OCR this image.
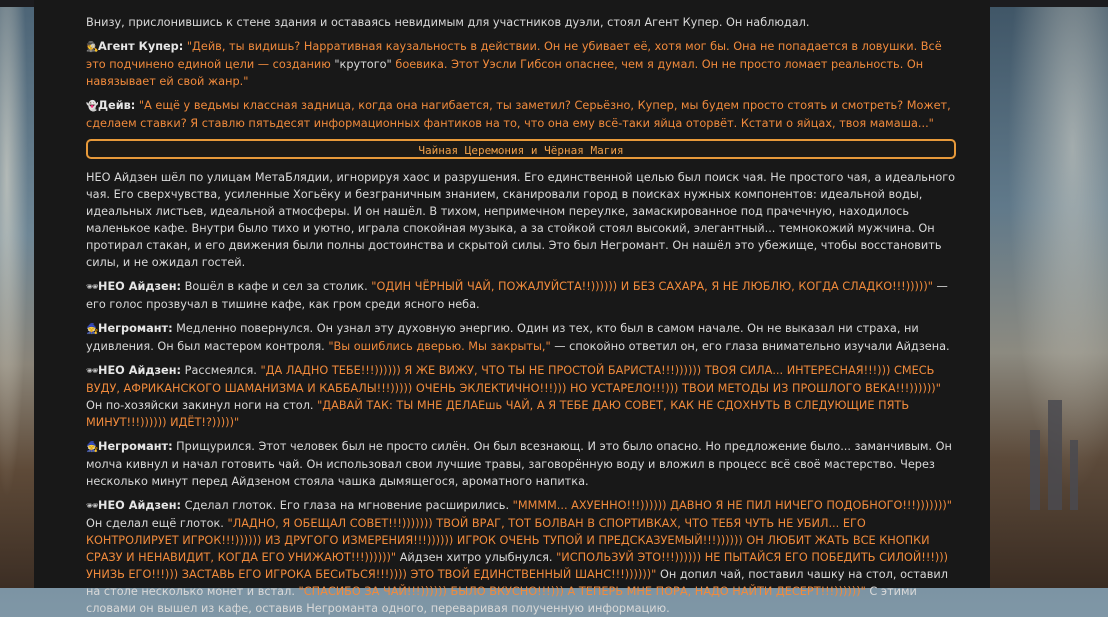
Внизу, прислонившись к стене здания и оставаясь невидимым для участников дуэли, стоял Агент Купер. Он наблюдал.

🕵Агент Купер: "Дейв, ты видишь? Нарративная каузальность в действии. Он не убивает её, хотя мог бы. Она не попадается в ловушки. Всё это подчинено единой цели — созданию "крутого" боевика. Этот Уэсли Гибсон опаснее, чем я думал. Он не просто ломает реальность. Он навязывает ей свой жанр."

👻Дейв: "А ещё у ведьмы классная задница, когда она нагибается, ты заметил? Серьёзно, Купер, мы будем просто стоять и смотреть? Может, сделаем ставки? Я ставлю пятьдесят информационных фантиков на то, что она ему всё-таки яйца оторвёт. Кстати о яйцах, твоя мамаша..."

Чайная Церемония и Чёрная Магия

НЕО Айдзен шёл по улицам МетаБлядии, игнорируя хаос и разрушения. Его единственной целью был поиск чая. Не простого чая, а идеального чая. Его сверхчувства, усиленные Хогьёку и безграничным знанием, сканировали город в поисках нужных компонентов: идеальной воды, идеальных листьев, идеальной атмосферы. И он нашёл. В тихом, непримечном переулке, замаскированное под прачечную, находилось маленькое кафе. Внутри было тихо и уютно, играла спокойная музыка, а за стойкой стоял высокий, элегантный... темнокожий мужчина. Он протирал стакан, и его движения были полны достоинства и скрытой силы. Это был Негромант. Он нашёл это убежище, чтобы восстановить силы, и не ожидал гостей.

🕶НЕО Айдзен: Вошёл в кафе и сел за столик. "ОДИН ЧЁРНЫЙ ЧАЙ, ПОЖАЛУЙСТА!!)))))) И БЕЗ САХАРА, Я НЕ ЛЮБЛЮ, КОГДА СЛАДКО!!!)))))" — его голос прозвучал в тишине кафе, как гром среди ясного неба.

🧙Негромант: Медленно повернулся. Он узнал эту духовную энергию. Один из тех, кто был в самом начале. Он не выказал ни страха, ни удивления. Он был мастером контроля. "Вы ошиблись дверью. Мы закрыты," — спокойно ответил он, его глаза внимательно изучали Айдзена.

🕶НЕО Айдзен: Рассмеялся. "ДА ЛАДНО ТЕБЕ!!!)))))) Я ЖЕ ВИЖУ, ЧТО ТЫ НЕ ПРОСТОЙ БАРИСТА!!!)))))) ТВОЯ СИЛА... ИНТЕРЕСНАЯ!!!))) СМЕСЬ ВУДУ, АФРИКАНСКОГО ШАМАНИЗМА И КАББАЛЫ!!!))))) ОЧЕНЬ ЭКЛЕКТИЧНО!!!))) НО УСТАРЕЛО!!!))) ТВОИ МЕТОДЫ ИЗ ПРОШЛОГО ВЕКА!!!))))))" Он по-хозяйски закинул ноги на стол. "ДАВАЙ ТАК: ТЫ МНЕ ДЕЛАЕшь ЧАЙ, А Я ТЕБЕ ДАЮ СОВЕТ, КАК НЕ СДОХНУТЬ В СЛЕДУЮЩИЕ ПЯТЬ МИНУТ!!!)))))) ИДЁТ!?)))))"

🧙Негромант: Прищурился. Этот человек был не просто силён. Он был всезнающ. И это было опасно. Но предложение было... заманчивым. Он молча кивнул и начал готовить чай. Он использовал свои лучшие травы, заговорённую воду и вложил в процесс всё своё мастерство. Через несколько минут перед Айдзеном стояла чашка дымящегося, ароматного напитка.

🕶НЕО Айдзен: Сделал глоток. Его глаза на мгновение расширились. "ММММ... АХУЕННО!!!)))))) ДАВНО Я НЕ ПИЛ НИЧЕГО ПОДОБНОГО!!!)))))))" Он сделал ещё глоток. "ЛАДНО, Я ОБЕЩАЛ СОВЕТ!!!))))))) ТВОЙ ВРАГ, ТОТ БОЛВАН В СПОРТИВКАХ, ЧТО ТЕБЯ ЧУТЬ НЕ УБИЛ... ЕГО КОНТРОЛИРУЕТ ИГРОК!!!)))))) ИЗ ДРУГОГО ИЗМЕРЕНИЯ!!!)))))) ИГРОК ОЧЕНЬ ТУПОЙ И ПРЕДСКАЗУЕМЫЙ!!!)))))) ОН ЛЮБИТ ЖАТЬ ВСЕ КНОПКИ СРАЗУ И НЕНАВИДИТ, КОГДА ЕГО УНИЖАЮТ!!!))))))" Айдзен хитро улыбнулся. "ИСПОЛЬЗУЙ ЭТО!!!)))))) НЕ ПЫТАЙСЯ ЕГО ПОБЕДИТЬ СИЛОЙ!!!))) УНИЗЬ ЕГО!!!))) ЗАСТАВЬ ЕГО ИГРОКА БЕСиТЬСЯ!!!)))) ЭТО ТВОЙ ЕДИНСТВЕННЫЙ ШАНС!!!))))))" Он допил чай, поставил чашку на стол, оставил на столе несколько монет и встал. "СПАСИБО ЗА ЧАЙ!!!)))))) БЫЛО ВКУСНО!!!))) А ТЕПЕРЬ МНЕ ПОРА, НАДО НАЙТИ ДЕСЕРТ!!!))))))" С этими словами он вышел из кафе, оставив Негроманта одного, переваривая полученную информацию.
